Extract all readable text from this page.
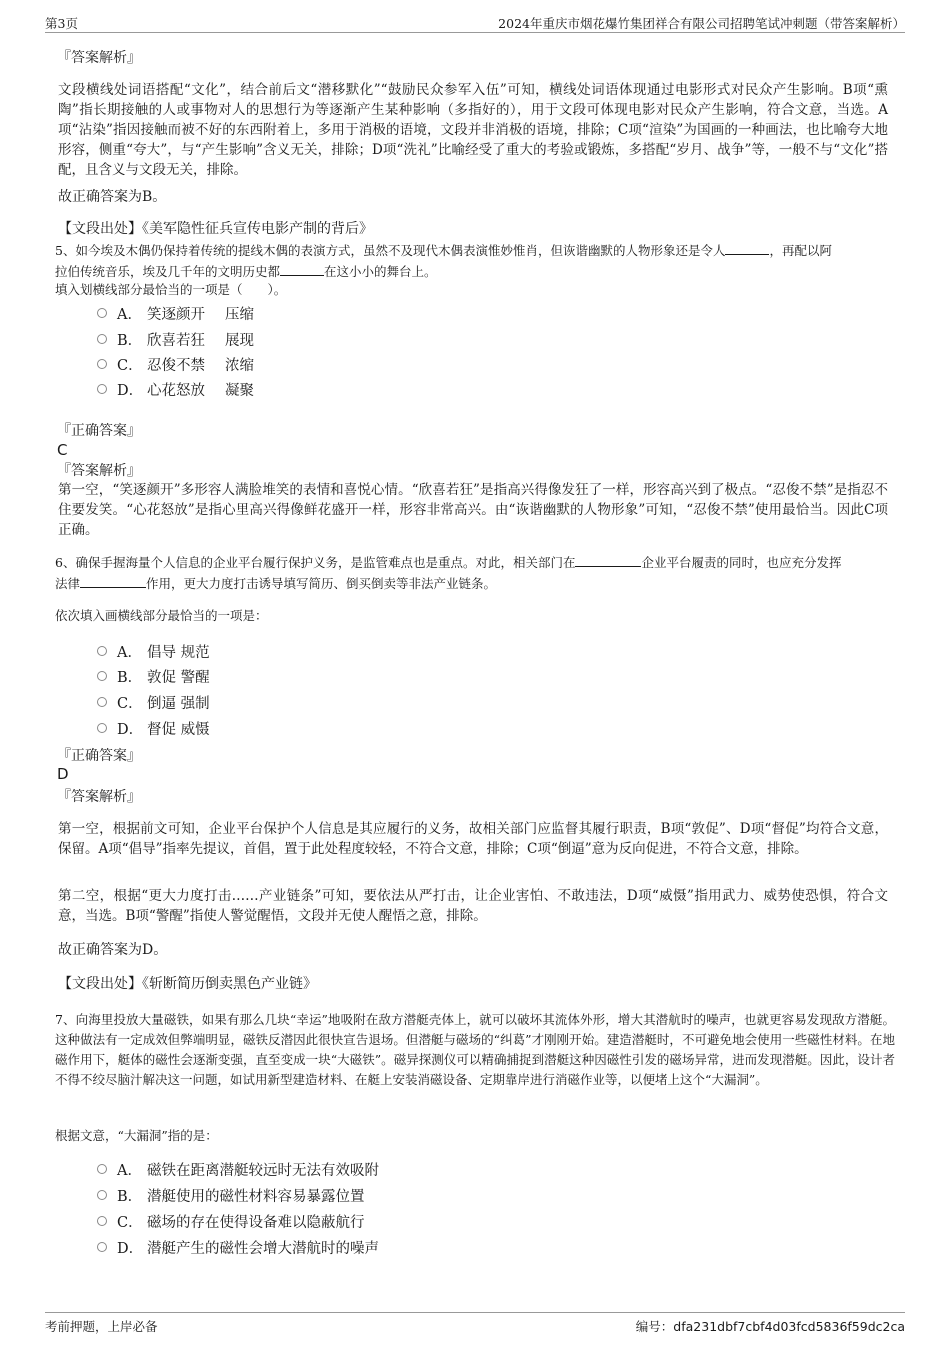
第3页	2024年重庆市烟花爆竹集团祥合有限公司招聘笔试冲刺题（带答案解析）
『答案解析』
文段横线处词语搭配“文化”，结合前后文“潜移默化”“鼓励民众参军入伍”可知，横线处词语体现通过电影形式对民众产生影响。B项“熏陶”指长期接触的人或事物对人的思想行为等逐渐产生某种影响（多指好的），用于文段可体现电影对民众产生影响，符合文意，当选。A项“沾染”指因接触而被不好的东西附着上，多用于消极的语境，文段并非消极的语境，排除；C项“渲染”为国画的一种画法，也比喻夸大地形容，侧重“夸大”，与“产生影响”含义无关，排除；D项“洗礼”比喻经受了重大的考验或锻炼，多搭配“岁月、战争”等，一般不与“文化”搭配，且含义与文段无关，排除。
故正确答案为B。
【文段出处】《美军隐性征兵宣传电影产制的背后》
5、如今埃及木偶仍保持着传统的提线木偶的表演方式，虽然不及现代木偶表演惟妙惟肖，但诙谐幽默的人物形象还是令人	，再配以阿
拉伯传统音乐，埃及几千年的文明历史都	在这小小的舞台上。
填入划横线部分最恰当的一项是（　　）。
A． 笑逐颜开 压缩
B． 欣喜若狂 展现
C． 忍俊不禁 浓缩
D． 心花怒放 凝聚
『正确答案』
C
『答案解析』
第一空，“笑逐颜开”多形容人满脸堆笑的表情和喜悦心情。“欣喜若狂”是指高兴得像发狂了一样，形容高兴到了极点。“忍俊不禁”是指忍不住要发笑。“心花怒放”是指心里高兴得像鲜花盛开一样，形容非常高兴。由“诙谐幽默的人物形象”可知，“忍俊不禁”使用最恰当。因此C项正确。
6、确保手握海量个人信息的企业平台履行保护义务，是监管难点也是重点。对此，相关部门在	企业平台履责的同时，也应充分发挥
法律	作用，更大力度打击诱导填写简历、倒买倒卖等非法产业链条。
依次填入画横线部分最恰当的一项是：
A． 倡导 规范
B． 敦促 警醒
C． 倒逼 强制
D． 督促 威慑
『正确答案』
D
『答案解析』
第一空，根据前文可知，企业平台保护个人信息是其应履行的义务，故相关部门应监督其履行职责，B项“敦促”、D项“督促”均符合文意，保留。A项“倡导”指率先提议，首倡，置于此处程度较轻，不符合文意，排除；C项“倒逼”意为反向促进，不符合文意，排除。
第二空，根据“更大力度打击……产业链条”可知，要依法从严打击，让企业害怕、不敢违法，D项“威慑”指用武力、威势使恐惧，符合文意，当选。B项“警醒”指使人警觉醒悟，文段并无使人醒悟之意，排除。
故正确答案为D。
【文段出处】《斩断简历倒卖黑色产业链》
7、向海里投放大量磁铁，如果有那么几块“幸运”地吸附在敌方潜艇壳体上，就可以破坏其流体外形，增大其潜航时的噪声，也就更容易发现敌方潜艇。这种做法有一定成效但弊端明显，磁铁反潜因此很快宣告退场。但潜艇与磁场的“纠葛”才刚刚开始。建造潜艇时，不可避免地会使用一些磁性材料。在地磁作用下，艇体的磁性会逐渐变强，直至变成一块“大磁铁”。磁异探测仪可以精确捕捉到潜艇这种因磁性引发的磁场异常，进而发现潜艇。因此，设计者不得不绞尽脑汁解决这一问题，如试用新型建造材料、在艇上安装消磁设备、定期靠岸进行消磁作业等，以便堵上这个“大漏洞”。
根据文意，“大漏洞”指的是：
A． 磁铁在距离潜艇较远时无法有效吸附
B． 潜艇使用的磁性材料容易暴露位置
C． 磁场的存在使得设备难以隐蔽航行
D． 潜艇产生的磁性会增大潜航时的噪声
考前押题，上岸必备	编号：dfa231dbf7cbf4d03fcd5836f59dc2ca
